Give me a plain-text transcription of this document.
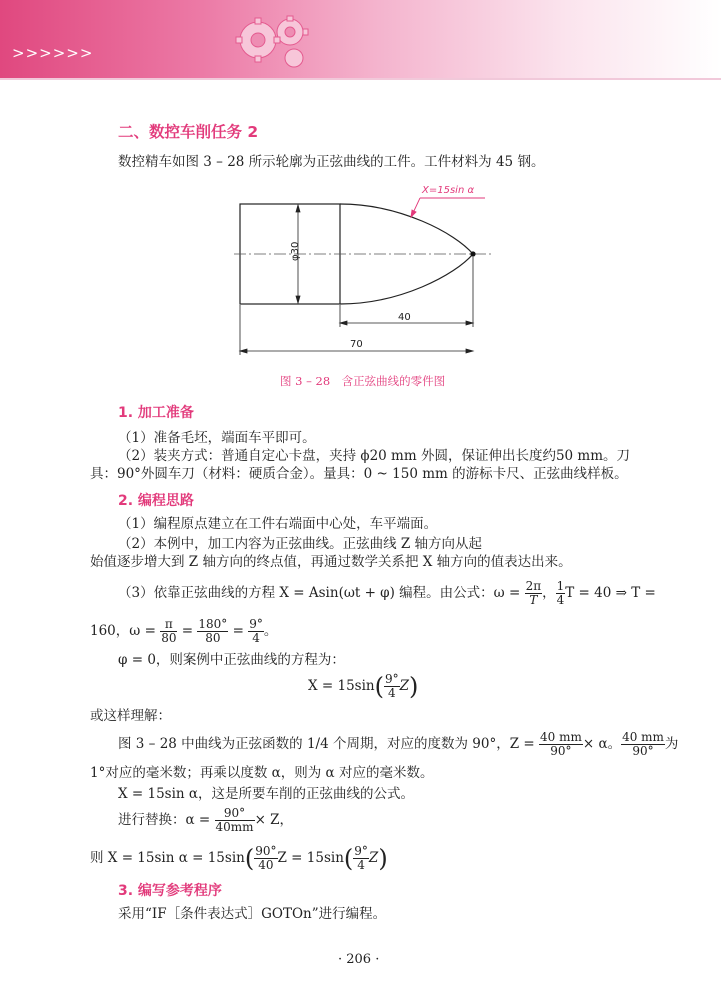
>>>>>>
二、数控车削任务 2
数控精车如图 3 – 28 所示轮廓为正弦曲线的工件。工件材料为 45 钢。
φ30
40
70
X=15sin α
图 3 – 28　含正弦曲线的零件图
1. 加工准备
（1）准备毛坯，端面车平即可。
（2）装夹方式：普通自定心卡盘，夹持 ϕ20 mm 外圆，保证伸出长度约50 mm。刀
具：90°外圆车刀（材料：硬质合金）。量具：0 ~ 150 mm 的游标卡尺、正弦曲线样板。
2. 编程思路
（1）编程原点建立在工件右端面中心处，车平端面。
（2）本例中，加工内容为正弦曲线。正弦曲线 Z 轴方向从起
始值逐步增大到 Z 轴方向的终点值，再通过数学关系把 X 轴方向的值表达出来。
（3）依靠正弦曲线的方程 X = Asin(ωt + φ) 编程。由公式：$\omega = \frac{2\pi}{T}$ ， $\frac{1}{4}$ T = 40 ⇒ T =
160，$\omega = \frac{\pi}{80} = \frac{180^\circ}{80} = \frac{9^\circ}{4}$ 。
φ = 0，则案例中正弦曲线的方程为：
$X = 15\sin( \frac{9^\circ}{4} Z)$
或这样理解：
图 3 – 28 中曲线为正弦函数的 1/4 个周期，对应的度数为 90°，$Z = \frac{40 mm}{90^\circ} \times \alpha$。 $\frac{40 mm}{90^\circ}$ 为
1°对应的毫米数；再乘以度数 α，则为 α 对应的毫米数。
X = 15sin α，这是所要车削的正弦曲线的公式。
进行替换：$\alpha = \frac{90^\circ}{40mm} \times Z$，
则 X = 15sin $\alpha = 15\sin( \frac{90^\circ}{40}$ $Z = 15\sin( \frac{9^\circ}{4} Z)$
3. 编写参考程序
采用“IF［条件表达式］GOTOn”进行编程。
· 206 ·
